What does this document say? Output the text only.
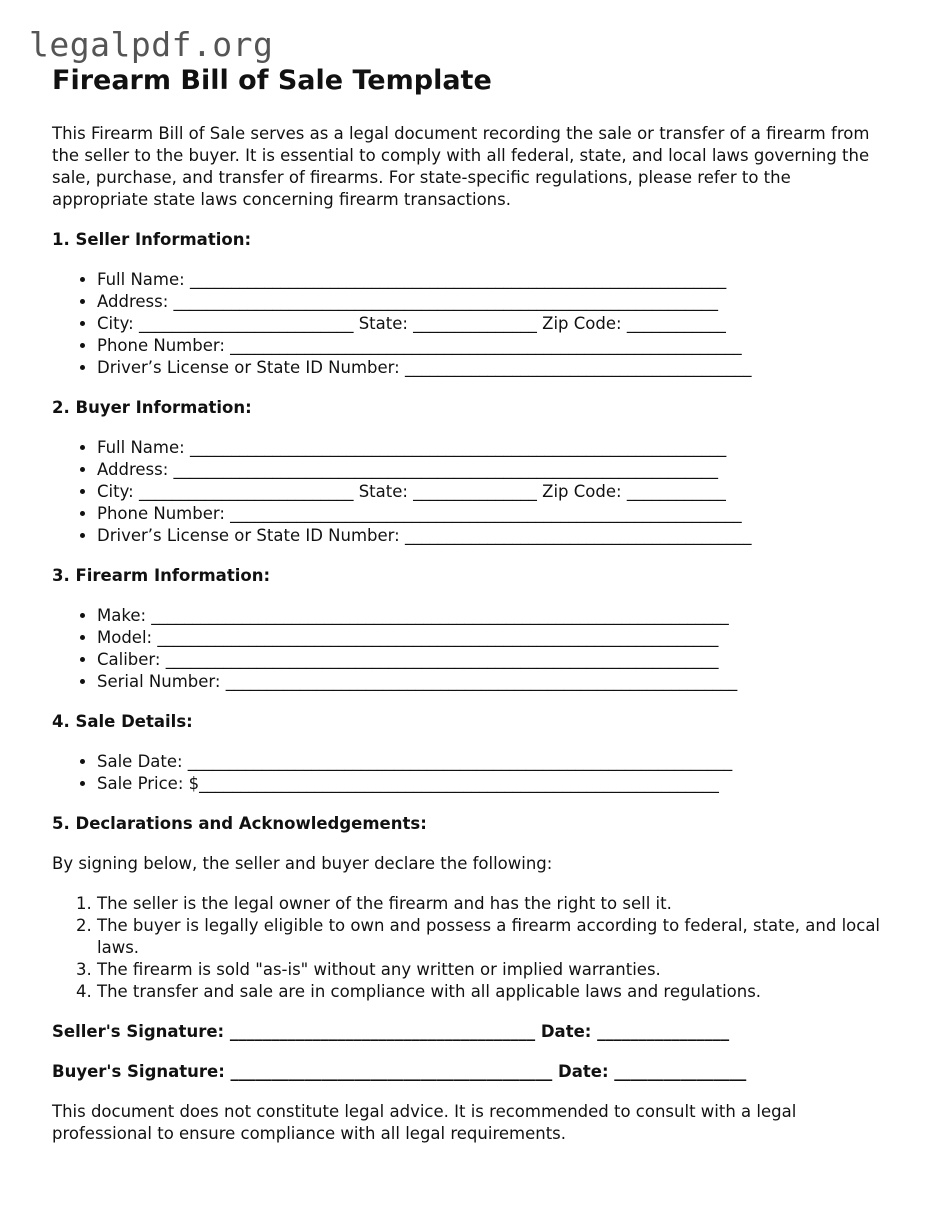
legalpdf.org
Firearm Bill of Sale Template

This Firearm Bill of Sale serves as a legal document recording the sale or transfer of a firearm from the seller to the buyer. It is essential to comply with all federal, state, and local laws governing the sale, purchase, and transfer of firearms. For state-specific regulations, please refer to the appropriate state laws concerning firearm transactions.

1. Seller Information:
• Full Name: _________________________________________________________________
• Address: __________________________________________________________________
• City: __________________________ State: _______________ Zip Code: ____________
• Phone Number: ______________________________________________________________
• Driver’s License or State ID Number: __________________________________________
2. Buyer Information:
• Full Name: _________________________________________________________________
• Address: __________________________________________________________________
• City: __________________________ State: _______________ Zip Code: ____________
• Phone Number: ______________________________________________________________
• Driver’s License or State ID Number: __________________________________________
3. Firearm Information:
• Make: ______________________________________________________________________
• Model: ____________________________________________________________________
• Caliber: ___________________________________________________________________
• Serial Number: ______________________________________________________________
4. Sale Details:
• Sale Date: __________________________________________________________________
• Sale Price: $_______________________________________________________________
5. Declarations and Acknowledgements:

By signing below, the seller and buyer declare the following:

1. The seller is the legal owner of the firearm and has the right to sell it.
2. The buyer is legally eligible to own and possess a firearm according to federal, state, and local laws.
3. The firearm is sold "as-is" without any written or implied warranties.
4. The transfer and sale are in compliance with all applicable laws and regulations.
Seller's Signature: _____________________________________ Date: ________________
Buyer's Signature: _______________________________________ Date: ________________

This document does not constitute legal advice. It is recommended to consult with a legal professional to ensure compliance with all legal requirements.
